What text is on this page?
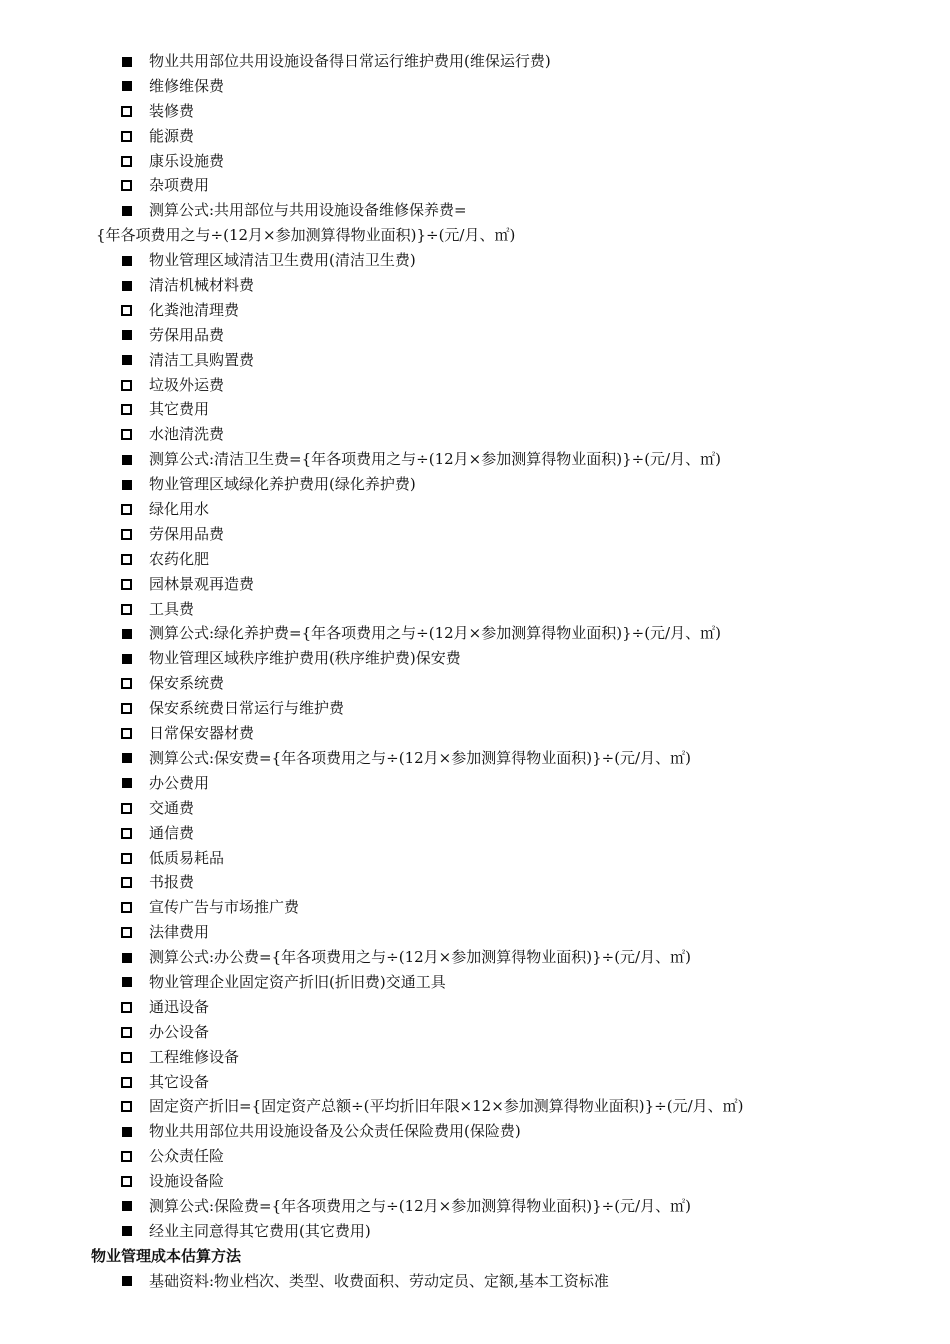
物业共用部位共用设施设备得日常运行维护费用(维保运行费)
维修维保费
装修费
能源费
康乐设施费
杂项费用
测算公式:共用部位与共用设施设备维修保养费=
{年各项费用之与÷(12月×参加测算得物业面积)}÷(元/月、㎡)
物业管理区域清洁卫生费用(清洁卫生费)
清洁机械材料费
化粪池清理费
劳保用品费
清洁工具购置费
垃圾外运费
其它费用
水池清洗费
测算公式:清洁卫生费={年各项费用之与÷(12月×参加测算得物业面积)}÷(元/月、㎡)
物业管理区域绿化养护费用(绿化养护费)
绿化用水
劳保用品费
农药化肥
园林景观再造费
工具费
测算公式:绿化养护费={年各项费用之与÷(12月×参加测算得物业面积)}÷(元/月、㎡)
物业管理区域秩序维护费用(秩序维护费)保安费
保安系统费
保安系统费日常运行与维护费
日常保安器材费
测算公式:保安费={年各项费用之与÷(12月×参加测算得物业面积)}÷(元/月、㎡)
办公费用
交通费
通信费
低质易耗品
书报费
宣传广告与市场推广费
法律费用
测算公式:办公费={年各项费用之与÷(12月×参加测算得物业面积)}÷(元/月、㎡)
物业管理企业固定资产折旧(折旧费)交通工具
通迅设备
办公设备
工程维修设备
其它设备
固定资产折旧={固定资产总额÷(平均折旧年限×12×参加测算得物业面积)}÷(元/月、㎡)
物业共用部位共用设施设备及公众责任保险费用(保险费)
公众责任险
设施设备险
测算公式:保险费={年各项费用之与÷(12月×参加测算得物业面积)}÷(元/月、㎡)
经业主同意得其它费用(其它费用)
物业管理成本估算方法
基础资料:物业档次、类型、收费面积、劳动定员、定额,基本工资标准
